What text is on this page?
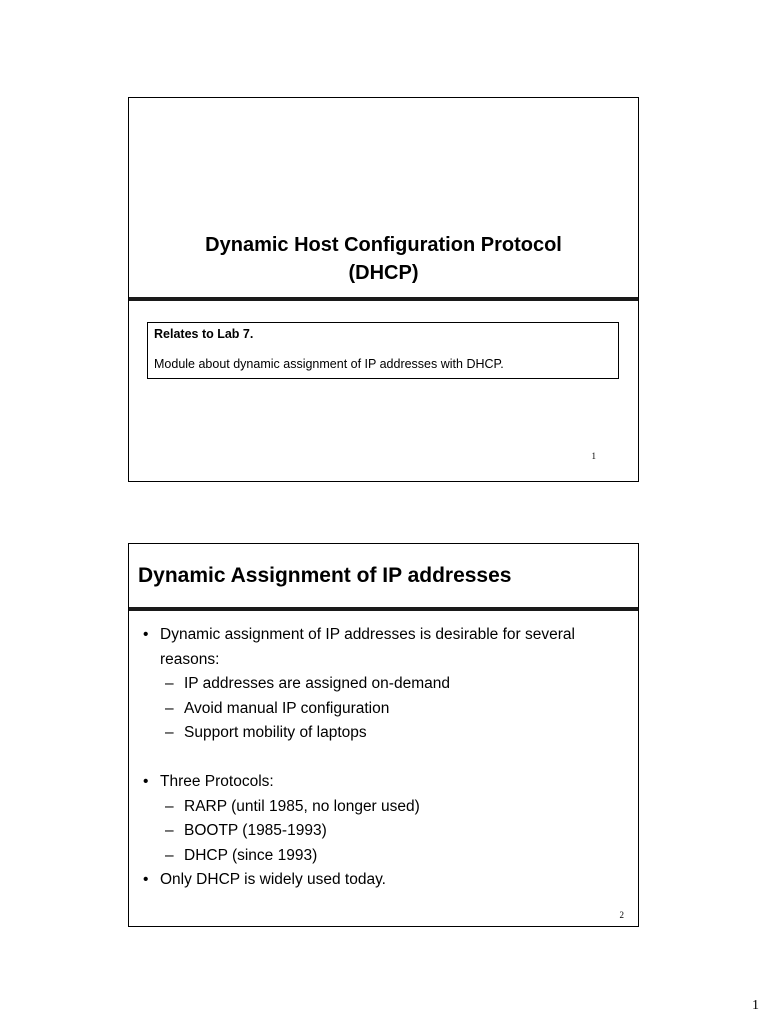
Dynamic Host Configuration Protocol
(DHCP)
Relates to Lab 7.
Module about dynamic assignment of IP addresses with DHCP.
1
Dynamic Assignment of IP addresses
• Dynamic assignment of IP addresses is desirable for several reasons:
– IP addresses are assigned on-demand
– Avoid manual IP configuration
– Support mobility of laptops
• Three Protocols:
– RARP (until 1985, no longer used)
– BOOTP (1985-1993)
– DHCP (since 1993)
• Only DHCP is widely used today.
2
1
